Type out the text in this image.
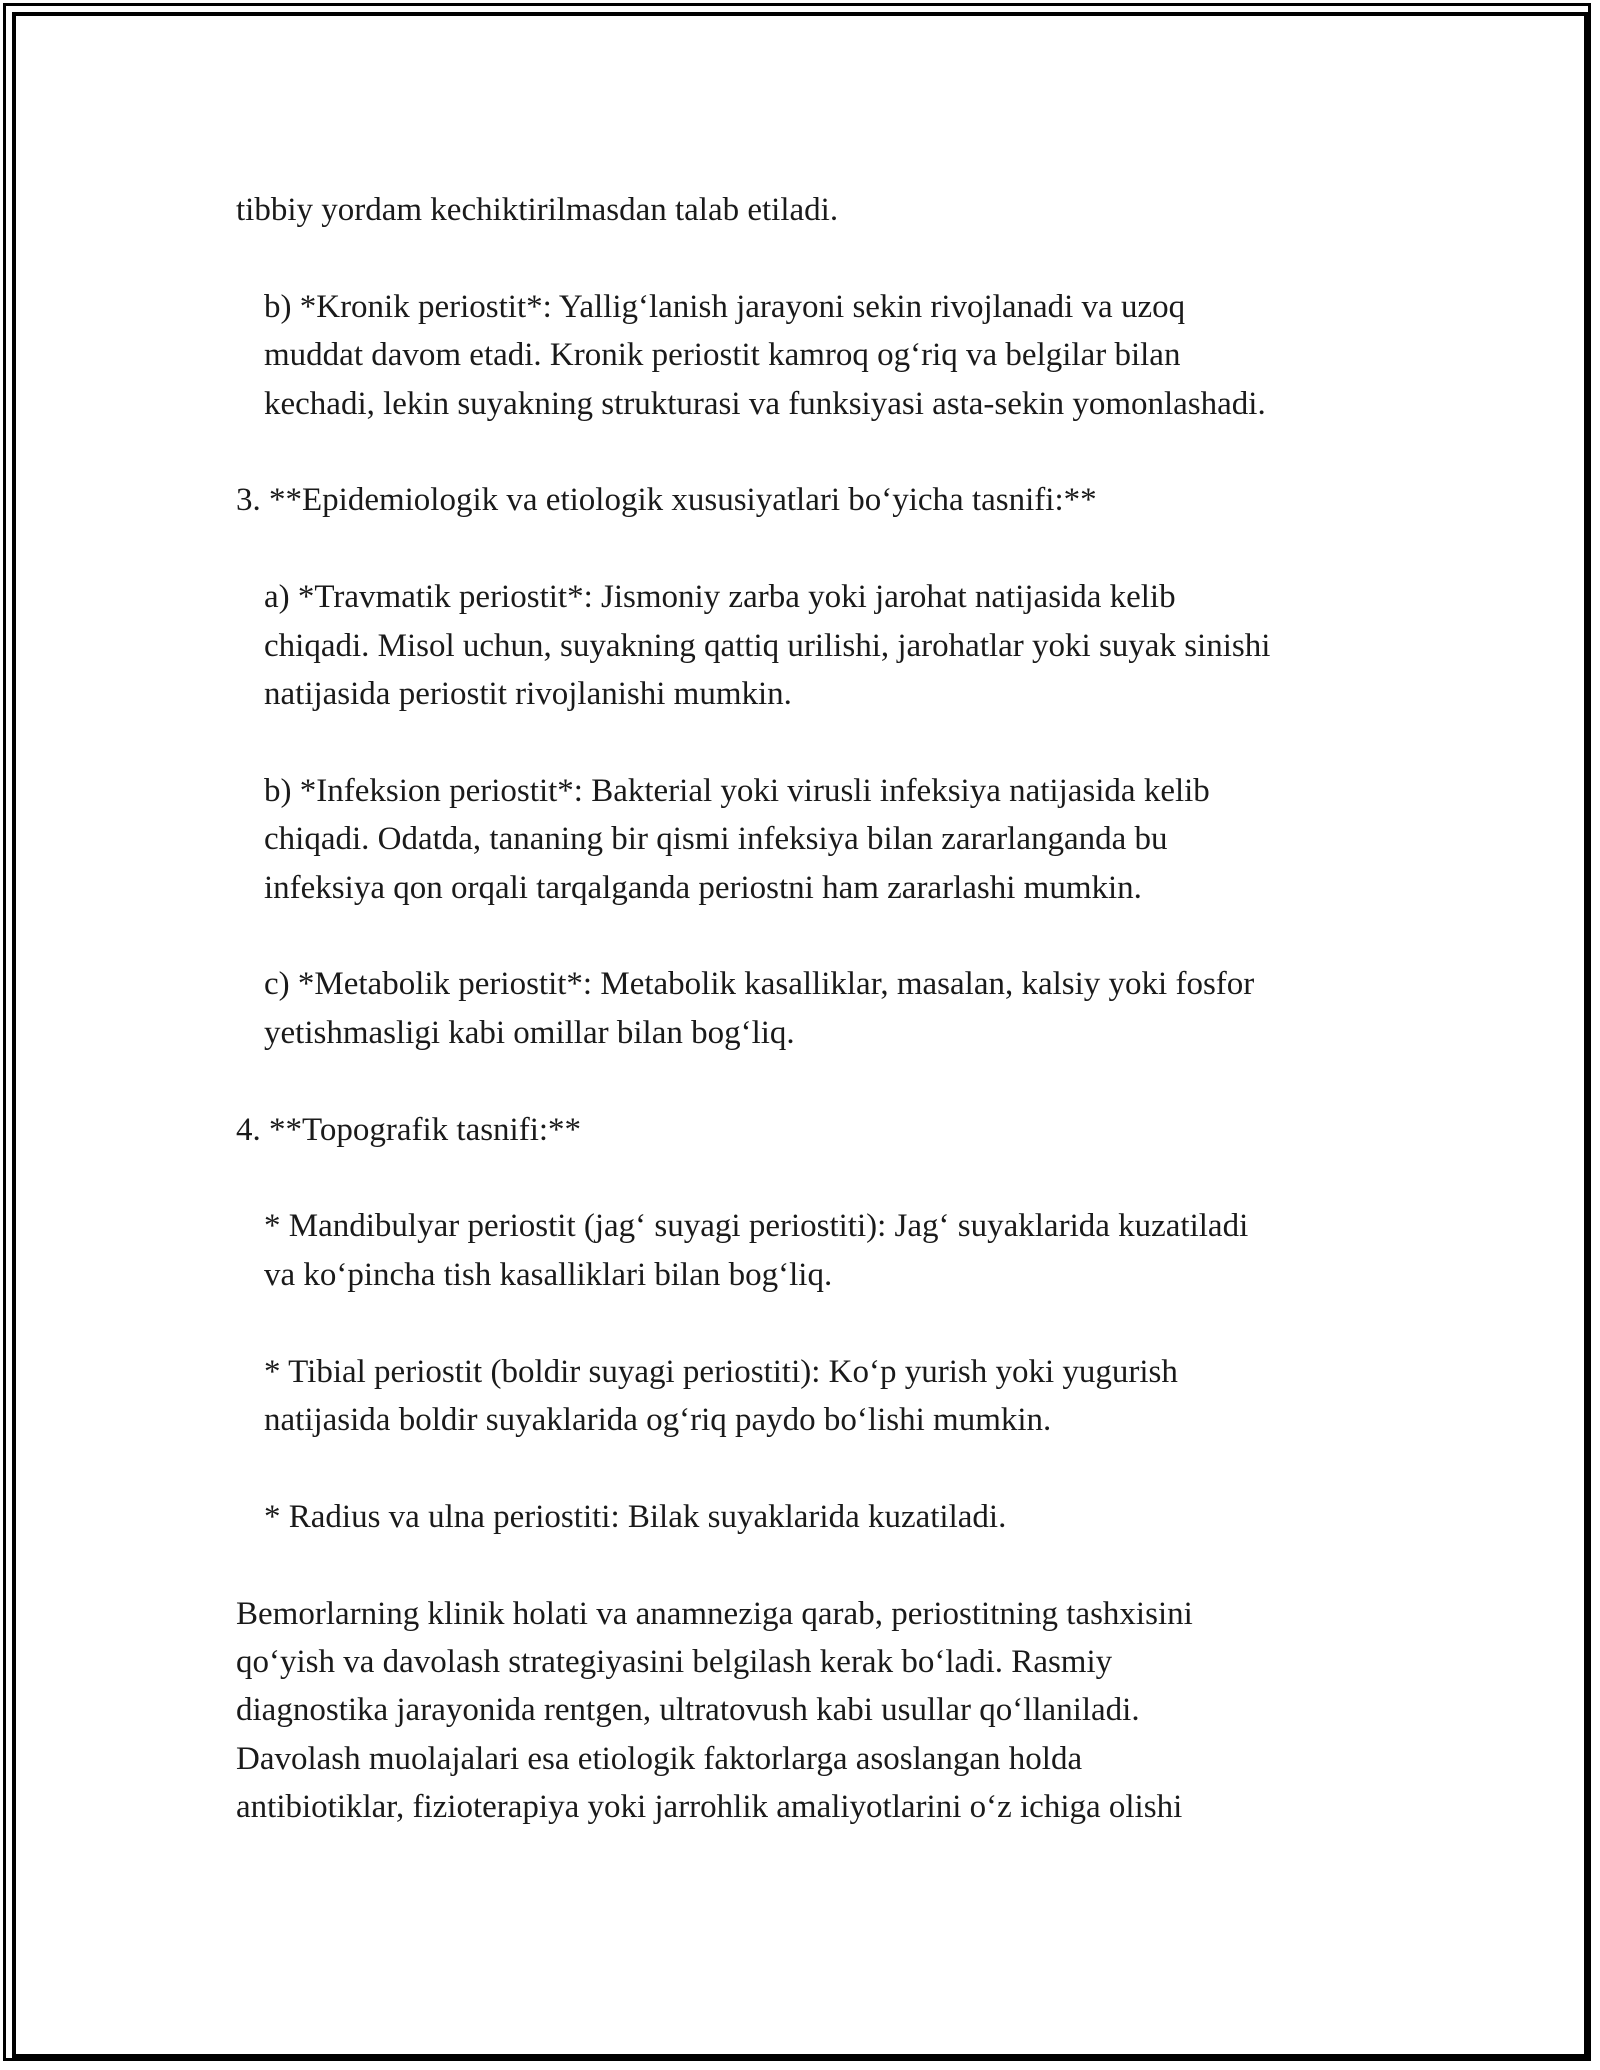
tibbiy yordam kechiktirilmasdan talab etiladi.

b) *Kronik periostit*: Yallig‘lanish jarayoni sekin rivojlanadi va uzoq
muddat davom etadi. Kronik periostit kamroq og‘riq va belgilar bilan
kechadi, lekin suyakning strukturasi va funksiyasi asta-sekin yomonlashadi.

3. **Epidemiologik va etiologik xususiyatlari bo‘yicha tasnifi:**

a) *Travmatik periostit*: Jismoniy zarba yoki jarohat natijasida kelib
chiqadi. Misol uchun, suyakning qattiq urilishi, jarohatlar yoki suyak sinishi
natijasida periostit rivojlanishi mumkin.

b) *Infeksion periostit*: Bakterial yoki virusli infeksiya natijasida kelib
chiqadi. Odatda, tananing bir qismi infeksiya bilan zararlanganda bu
infeksiya qon orqali tarqalganda periostni ham zararlashi mumkin.

c) *Metabolik periostit*: Metabolik kasalliklar, masalan, kalsiy yoki fosfor
yetishmasligi kabi omillar bilan bog‘liq.

4. **Topografik tasnifi:**

* Mandibulyar periostit (jag‘ suyagi periostiti): Jag‘ suyaklarida kuzatiladi
va ko‘pincha tish kasalliklari bilan bog‘liq.

* Tibial periostit (boldir suyagi periostiti): Ko‘p yurish yoki yugurish
natijasida boldir suyaklarida og‘riq paydo bo‘lishi mumkin.

* Radius va ulna periostiti: Bilak suyaklarida kuzatiladi.

Bemorlarning klinik holati va anamneziga qarab, periostitning tashxisini
qo‘yish va davolash strategiyasini belgilash kerak bo‘ladi. Rasmiy
diagnostika jarayonida rentgen, ultratovush kabi usullar qo‘llaniladi.
Davolash muolajalari esa etiologik faktorlarga asoslangan holda
antibiotiklar, fizioterapiya yoki jarrohlik amaliyotlarini o‘z ichiga olishi
